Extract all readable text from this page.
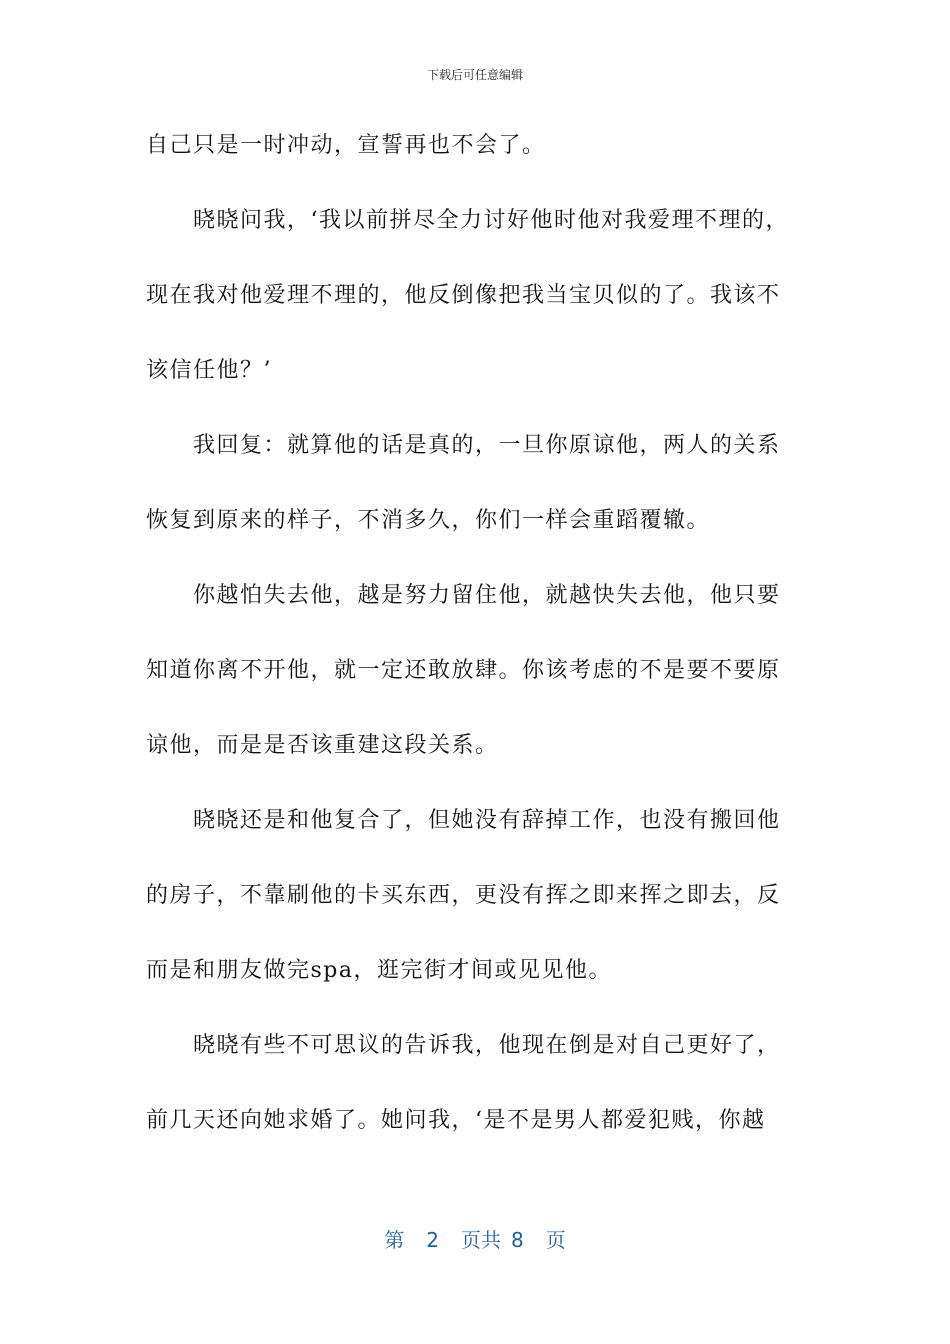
下载后可任意编辑
自己只是一时冲动，宣誓再也不会了。
晓晓问我，‘我以前拼尽全力讨好他时他对我爱理不理的，
现在我对他爱理不理的，他反倒像把我当宝贝似的了。我该不
该信任他？’
我回复：就算他的话是真的，一旦你原谅他，两人的关系
恢复到原来的样子，不消多久，你们一样会重蹈覆辙。
你越怕失去他，越是努力留住他，就越快失去他，他只要
知道你离不开他，就一定还敢放肆。你该考虑的不是要不要原
谅他，而是是否该重建这段关系。
晓晓还是和他复合了，但她没有辞掉工作，也没有搬回他
的房子，不靠刷他的卡买东西，更没有挥之即来挥之即去，反
而是和朋友做完spa，逛完街才间或见见他。
晓晓有些不可思议的告诉我，他现在倒是对自己更好了，
前几天还向她求婚了。她问我，‘是不是男人都爱犯贱，你越
第 2 页共 8 页
